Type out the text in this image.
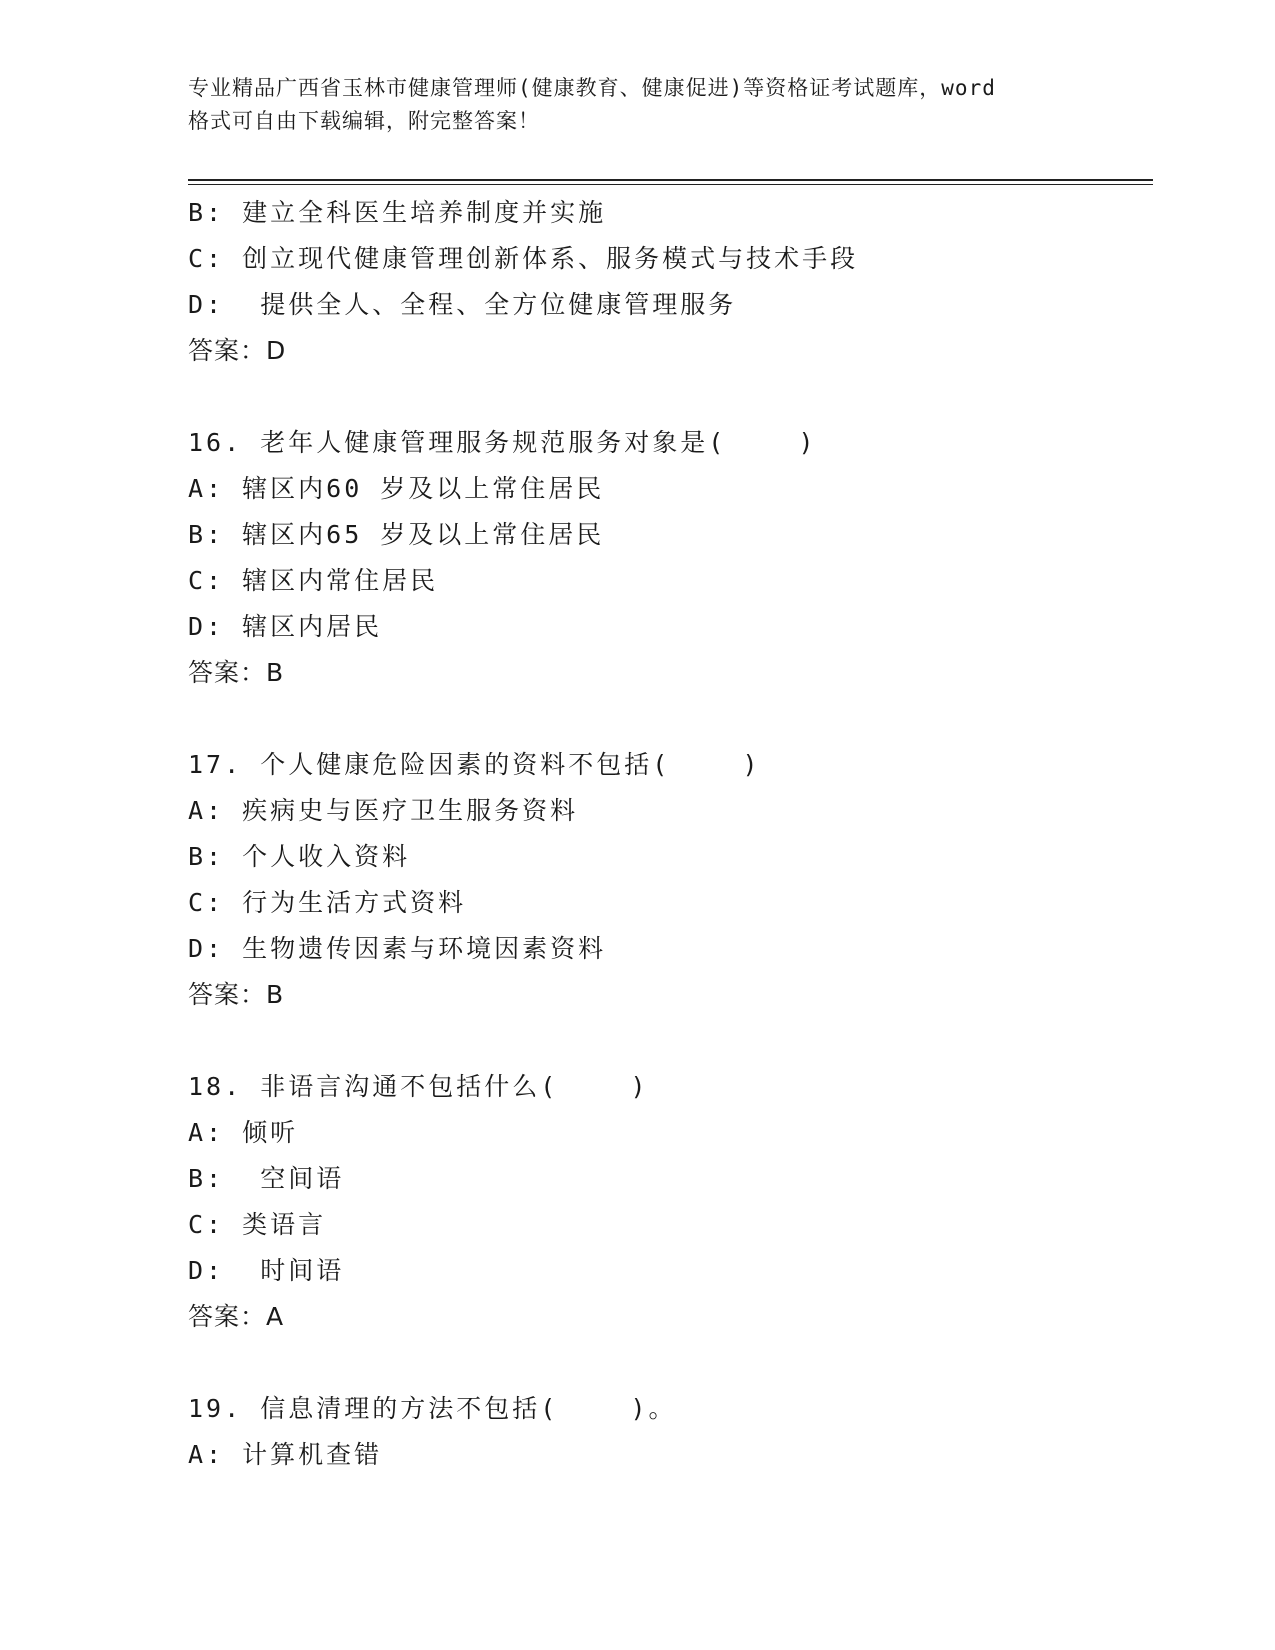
专业精品广西省玉林市健康管理师(健康教育、健康促进)等资格证考试题库，word
格式可自由下载编辑，附完整答案！
B: 建立全科医生培养制度并实施
C: 创立现代健康管理创新体系、服务模式与技术手段
D:  提供全人、全程、全方位健康管理服务
答案：D
16. 老年人健康管理服务规范服务对象是(    )
A: 辖区内60 岁及以上常住居民
B: 辖区内65 岁及以上常住居民
C: 辖区内常住居民
D: 辖区内居民
答案：B
17. 个人健康危险因素的资料不包括(    )
A: 疾病史与医疗卫生服务资料
B: 个人收入资料
C: 行为生活方式资料
D: 生物遗传因素与环境因素资料
答案：B
18. 非语言沟通不包括什么(    )
A: 倾听
B:  空间语
C: 类语言
D:  时间语
答案：A
19. 信息清理的方法不包括(    )。
A: 计算机查错
